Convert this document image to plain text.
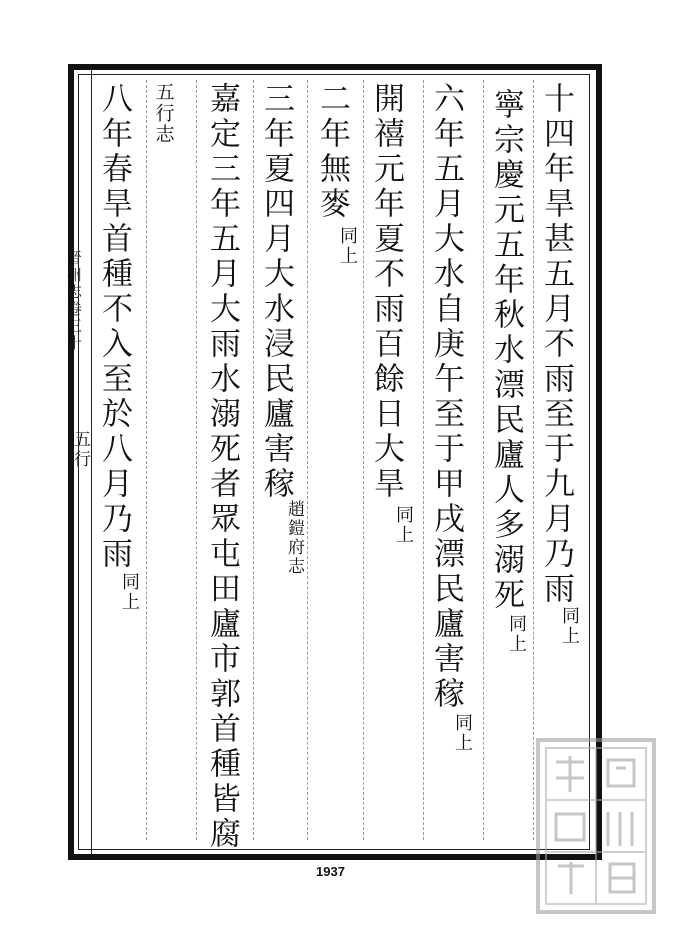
晉州志卷三十
五行	十四年旱甚五月不雨至于九月乃雨
同上
寧宗慶元五年秋水漂民廬人多溺死
同上
六年五月大水自庚午至于甲戌漂民廬害稼
同上
開禧元年夏不雨百餘日大旱
同上
二年無麥
同上
三年夏四月大水浸民廬害稼
趙鎧府志
嘉定三年五月大雨水溺死者眾屯田廬市郭首種皆腐
五行志
八年春旱首種不入至於八月乃雨
同上
1937
